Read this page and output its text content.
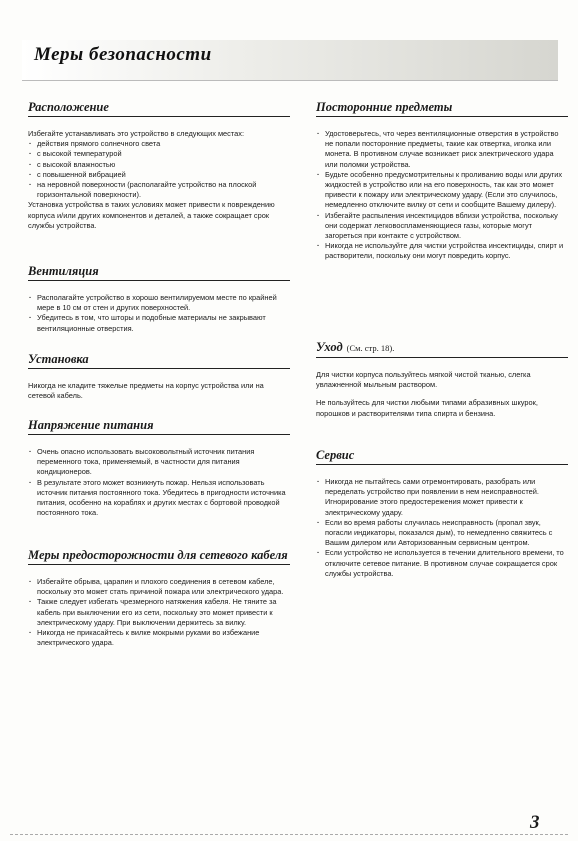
Меры безопасности
Расположение

Избегайте устанавливать это устройство в следующих местах:

· действия прямого солнечного света
· с высокой температурой
· с высокой влажностью
· с повышенной вибрацией
· на неровной поверхности (располагайте устройство на плоской горизонтальной поверхности).

Установка устройства в таких условиях может привести к повреждению корпуса и/или других компонентов и деталей, а также сокращает срок службы устройства.

Вентиляция
· Располагайте устройство в хорошо вентилируемом месте по крайней мере в 10 см от стен и других поверхностей.
· Убедитесь в том, что шторы и подобные материалы не закрывают вентиляционные отверстия.
Установка

Никогда не кладите тяжелые предметы на корпус устройства или на сетевой кабель.

Напряжение питания
· Очень опасно использовать высоковольтный источник питания переменного тока, применяемый, в частности для питания кондиционеров.
· В результате этого может возникнуть пожар. Нельзя использовать источник питания постоянного тока. Убедитесь в пригодности источника питания, особенно на кораблях и других местах с бортовой проводкой постоянного тока.
Меры предосторожности для сетевого кабеля
· Избегайте обрыва, царапин и плохого соединения в сетевом кабеле, поскольку это может стать причиной пожара или электрического удара.
· Также следует избегать чрезмерного натяжения кабеля. Не тяните за кабель при выключении его из сети, поскольку это может привести к электрическому удару. При выключении держитесь за вилку.
· Никогда не прикасайтесь к вилке мокрыми руками во избежание электрического удара.
Посторонние предметы
· Удостоверьтесь, что через вентиляционные отверстия в устройство не попали посторонние предметы, такие как отвертка, иголка или монета. В противном случае возникает риск электрического удара или поломки устройства.
· Будьте особенно предусмотрительны к проливанию воды или других жидкостей в устройство или на его поверхность, так как это может привести к пожару или электрическому удару. (Если это случилось, немедленно отключите вилку от сети и сообщите Вашему дилеру).
· Избегайте распыления инсектицидов вблизи устройства, поскольку они содержат легковоспламеняющиеся газы, которые могут загореться при контакте с устройством.
· Никогда не используйте для чистки устройства инсектициды, спирт и растворители, поскольку они могут повредить корпус.
Уход (См. стр. 18).

Для чистки корпуса пользуйтесь мягкой чистой тканью, слегка увлажненной мыльным раствором.

Не пользуйтесь для чистки любыми типами абразивных шкурок, порошков и растворителями типа спирта и бензина.

Сервис
· Никогда не пытайтесь сами отремонтировать, разобрать или переделать устройство при появлении в нем неисправностей. Игнорирование этого предостережения может привести к электрическому удару.
· Если во время работы случилась неисправность (пропал звук, погасли индикаторы, показался дым), то немедленно свяжитесь с Вашим дилером или Авторизованным сервисным центром.
· Если устройство не используется в течении длительного времени, то отключите сетевое питание. В противном случае сокращается срок службы устройства.
3
